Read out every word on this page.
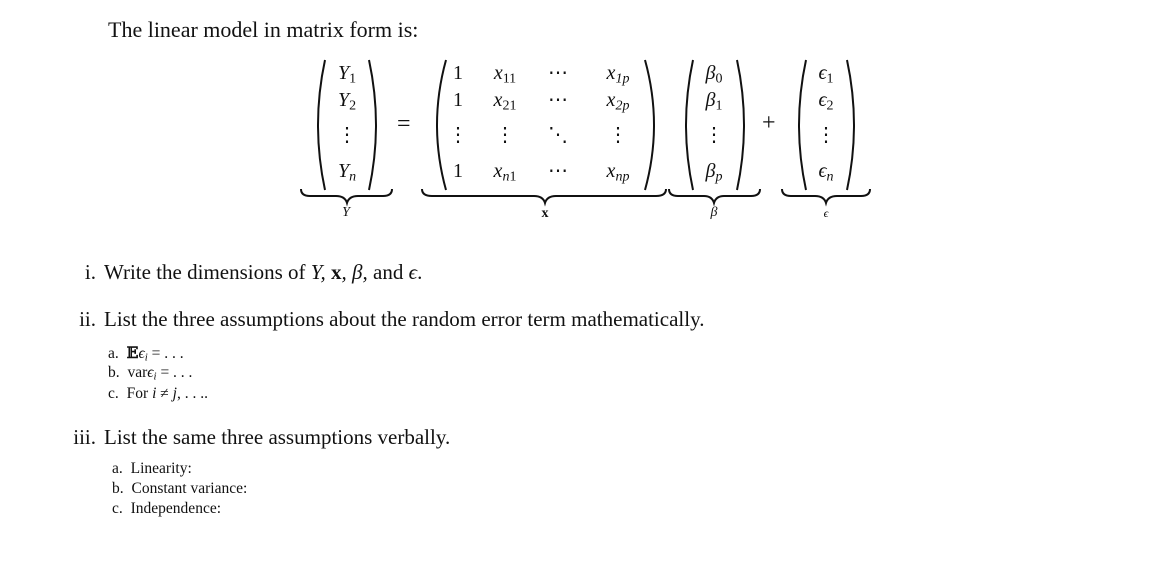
The linear model in matrix form is:
$Y_1$
$Y_2$
⋮
$Y_n$
=
1 $x_{11}$ ⋯ $x_{1p}$
1 $x_{21}$ ⋯ $x_{2p}$
⋮ ⋮ ⋱ ⋮
1 $x_{n1}$ ⋯ $x_{np}$
$\beta_0$
$\beta_1$
⋮
$\beta_p$
+
$\epsilon_1$
$\epsilon_2$
⋮
$\epsilon_n$
Y	x	β	ϵ
i. Write the dimensions of Y, x, β, and ϵ.
ii. List the three assumptions about the random error term mathematically.
a. 𝔼ϵ$_i$ = . . .
b. varϵ$_i$ = . . .
c. For i ≠ j, . . ..
iii. List the same three assumptions verbally.
a. Linearity:
b. Constant variance:
c. Independence:
